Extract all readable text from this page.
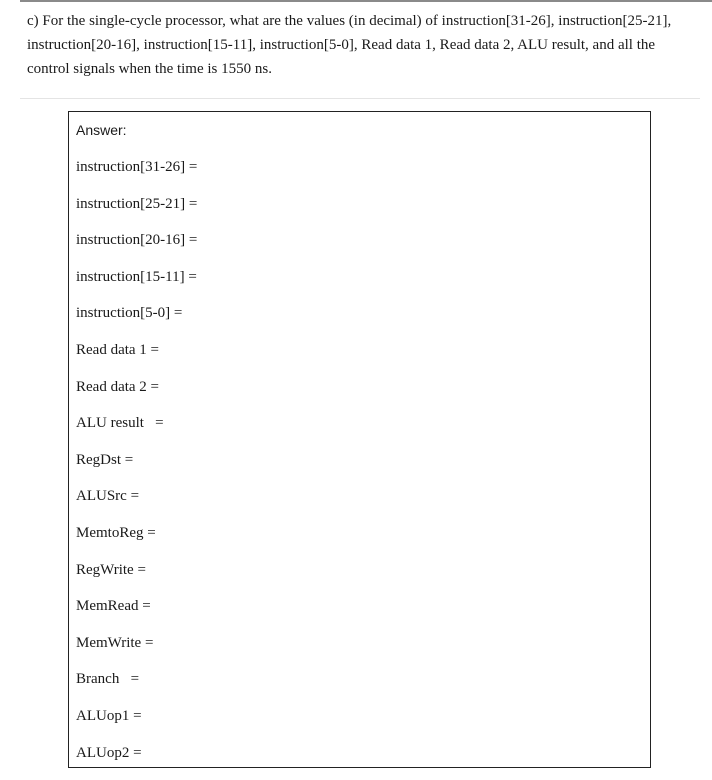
c) For the single-cycle processor, what are the values (in decimal) of instruction[31-26], instruction[25-21],

instruction[20-16], instruction[15-11], instruction[5-0], Read data 1, Read data 2, ALU result, and all the

control signals when the time is 1550 ns.

Answer:

instruction[31-26] =
instruction[25-21] =
instruction[20-16] =
instruction[15-11] =
instruction[5-0] =
Read data 1 =
Read data 2 =
ALU result   =
RegDst =
ALUSrc =
MemtoReg =
RegWrite =
MemRead =
MemWrite =
Branch   =
ALUop1 =
ALUop2 =
